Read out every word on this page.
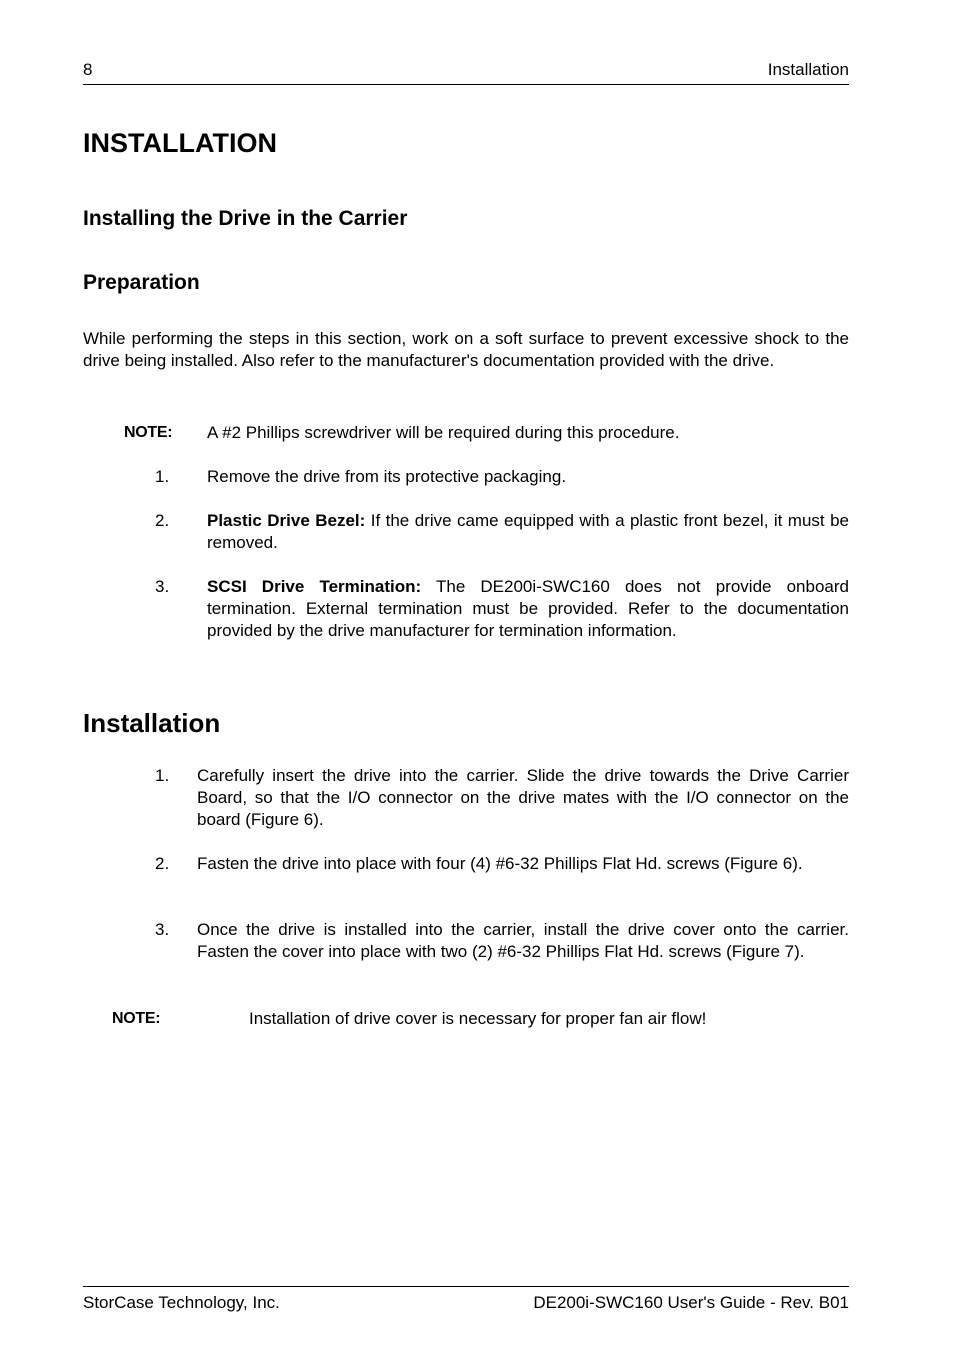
8	Installation
INSTALLATION
Installing the Drive in the Carrier
Preparation

While performing the steps in this section, work on a soft surface to prevent excessive shock to the drive being installed. Also refer to the manufacturer's documentation provided with the drive.

NOTE: A #2 Phillips screwdriver will be required during this procedure.
1. Remove the drive from its protective packaging.

2. Plastic Drive Bezel: If the drive came equipped with a plastic front bezel, it must be removed.

3. SCSI Drive Termination: The DE200i-SWC160 does not provide onboard termination. External termination must be provided. Refer to the documentation provided by the drive manufacturer for termination information.

Installation
1. Carefully insert the drive into the carrier. Slide the drive towards the Drive Carrier Board, so that the I/O connector on the drive mates with the I/O connector on the board (Figure 6).

2. Fasten the drive into place with four (4) #6-32 Phillips Flat Hd. screws (Figure 6).

3. Once the drive is installed into the carrier, install the drive cover onto the carrier. Fasten the cover into place with two (2) #6-32 Phillips Flat Hd. screws (Figure 7).

NOTE:	Installation of drive cover is necessary for proper fan air flow!
StorCase Technology, Inc.	DE200i-SWC160 User's Guide - Rev. B01
